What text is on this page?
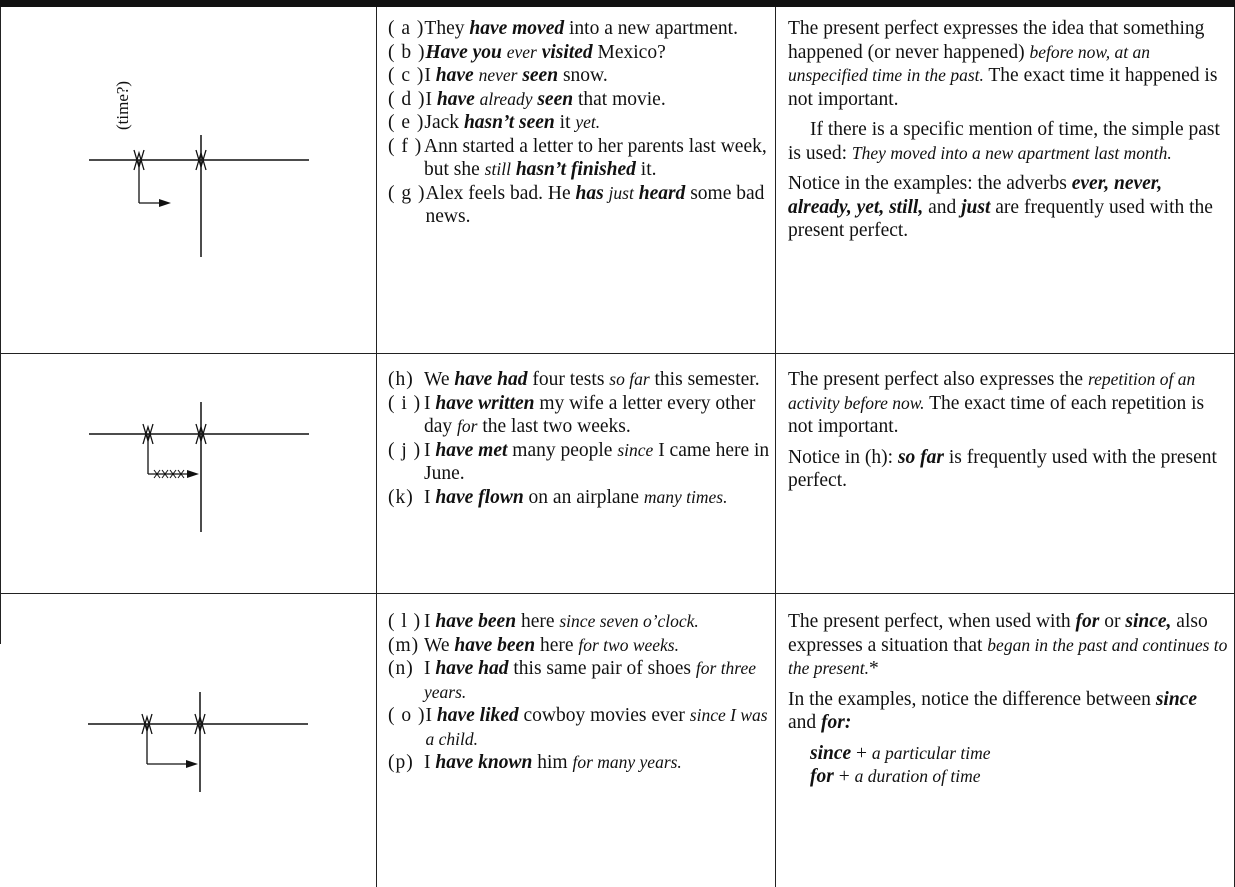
(time?)
( a ) They have moved into a new apartment.
( b ) Have you ever visited Mexico?
( c ) I have never seen snow.
( d ) I have already seen that movie.
( e ) Jack hasn’t seen it yet.
( f ) Ann started a letter to her parents last week, but she still hasn’t finished it.
( g ) Alex feels bad. He has just heard some bad news.

The present perfect expresses the idea that something happened (or never happened) before now, at an unspecified time in the past. The exact time it happened is not important.

If there is a specific mention of time, the simple past is used: They moved into a new apartment last month.

Notice in the examples: the adverbs ever, never, already, yet, still, and just are frequently used with the present perfect.

(h) We have had four tests so far this semester.
( i ) I have written my wife a letter every other day for the last two weeks.
( j ) I have met many people since I came here in June.
(k) I have flown on an airplane many times.

The present perfect also expresses the repetition of an activity before now. The exact time of each repetition is not important.

Notice in (h): so far is frequently used with the present perfect.

( l ) I have been here since seven o’clock.
(m) We have been here for two weeks.
(n) I have had this same pair of shoes for three years.
( o ) I have liked cowboy movies ever since I was a child.
(p) I have known him for many years.

The present perfect, when used with for or since, also expresses a situation that began in the past and continues to the present.*

In the examples, notice the difference between since and for:

since + a particular time
for + a duration of time
